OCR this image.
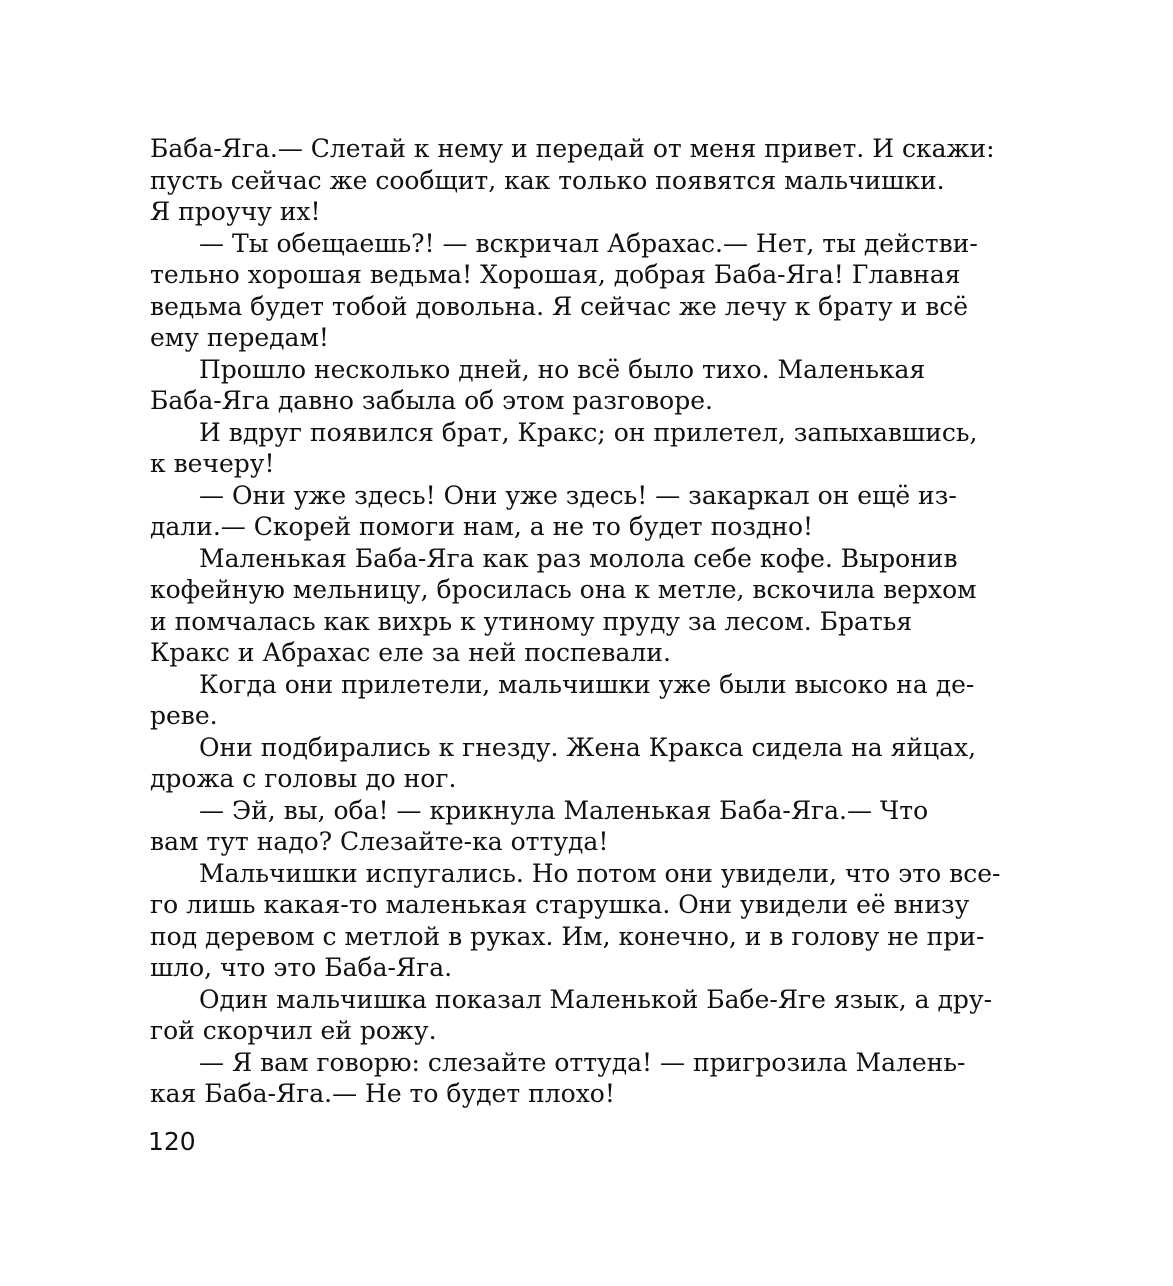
Баба-Яга.— Слетай к нему и передай от меня привет. И скажи:
пусть сейчас же сообщит, как только появятся мальчишки.
Я проучу их!

— Ты обещаешь?! — вскричал Абрахас.— Нет, ты действи-
тельно хорошая ведьма! Хорошая, добрая Баба-Яга! Главная
ведьма будет тобой довольна. Я сейчас же лечу к брату и всё
ему передам!

Прошло несколько дней, но всё было тихо. Маленькая
Баба-Яга давно забыла об этом разговоре.

И вдруг появился брат, Кракс; он прилетел, запыхавшись,
к вечеру!

— Они уже здесь! Они уже здесь! — закаркал он ещё из-
дали.— Скорей помоги нам, а не то будет поздно!

Маленькая Баба-Яга как раз молола себе кофе. Выронив
кофейную мельницу, бросилась она к метле, вскочила верхом
и помчалась как вихрь к утиному пруду за лесом. Братья
Кракс и Абрахас еле за ней поспевали.

Когда они прилетели, мальчишки уже были высоко на де-
реве.

Они подбирались к гнезду. Жена Кракса сидела на яйцах,
дрожа с головы до ног.

— Эй, вы, оба! — крикнула Маленькая Баба-Яга.— Что
вам тут надо? Слезайте-ка оттуда!

Мальчишки испугались. Но потом они увидели, что это все-
го лишь какая-то маленькая старушка. Они увидели её внизу
под деревом с метлой в руках. Им, конечно, и в голову не при-
шло, что это Баба-Яга.

Один мальчишка показал Маленькой Бабе-Яге язык, а дру-
гой скорчил ей рожу.

— Я вам говорю: слезайте оттуда! — пригрозила Малень-
кая Баба-Яга.— Не то будет плохо!

120
